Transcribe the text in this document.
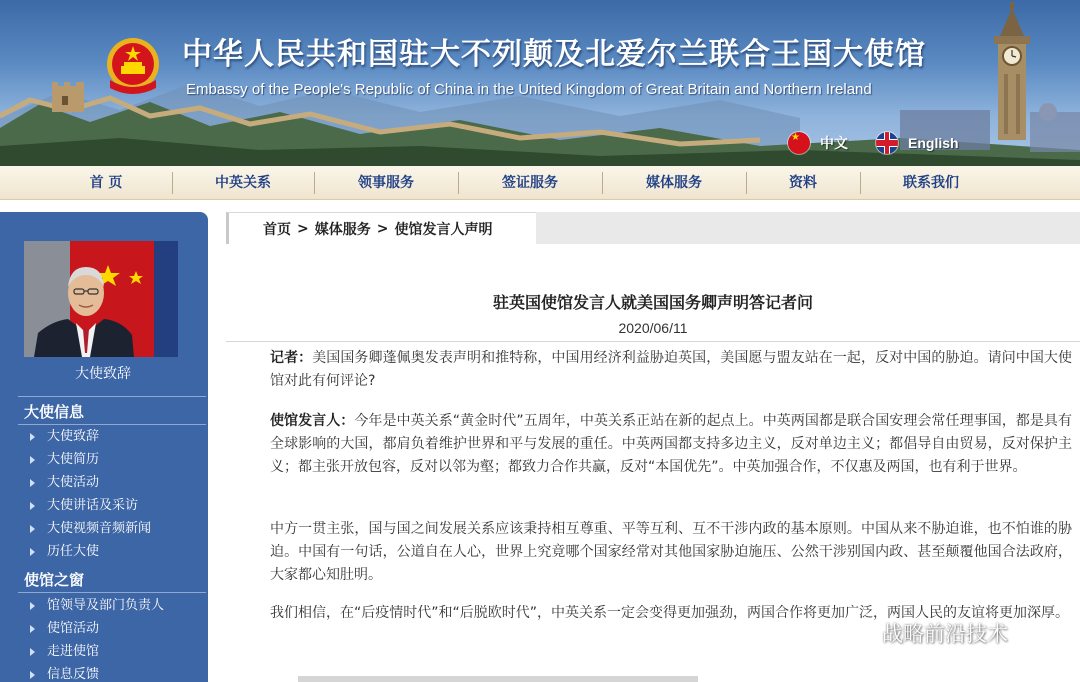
中华人民共和国驻大不列颠及北爱尔兰联合王国大使馆
Embassy of the People's Republic of China in the United Kingdom of Great Britain and Northern Ireland
★
中文	English
首 页	中英关系	领事服务	签证服务	媒体服务	资料	联系我们
大使致辞
大使信息
大使致辞
大使简历
大使活动
大使讲话及采访
大使视频音频新闻
历任大使
使馆之窗
馆领导及部门负责人
使馆活动
走进使馆
信息反馈
首页 > 媒体服务 > 使馆发言人声明
驻英国使馆发言人就美国国务卿声明答记者问
2020/06/11
记者：美国国务卿蓬佩奥发表声明和推特称，中国用经济利益胁迫英国，美国愿与盟友站在一起，反对中国的胁迫。请问中国大使馆对此有何评论?
使馆发言人：今年是中英关系“黄金时代”五周年，中英关系正站在新的起点上。中英两国都是联合国安理会常任理事国，都是具有全球影响的大国，都肩负着维护世界和平与发展的重任。中英两国都支持多边主义，反对单边主义；都倡导自由贸易，反对保护主义；都主张开放包容，反对以邻为壑；都致力合作共赢，反对“本国优先”。中英加强合作，不仅惠及两国，也有利于世界。
中方一贯主张，国与国之间发展关系应该秉持相互尊重、平等互利、互不干涉内政的基本原则。中国从来不胁迫谁，也不怕谁的胁迫。中国有一句话，公道自在人心，世界上究竟哪个国家经常对其他国家胁迫施压、公然干涉别国内政、甚至颠覆他国合法政府，大家都心知肚明。
我们相信，在“后疫情时代”和“后脱欧时代”，中英关系一定会变得更加强劲，两国合作将更加广泛，两国人民的友谊将更加深厚。
战略前沿技术
